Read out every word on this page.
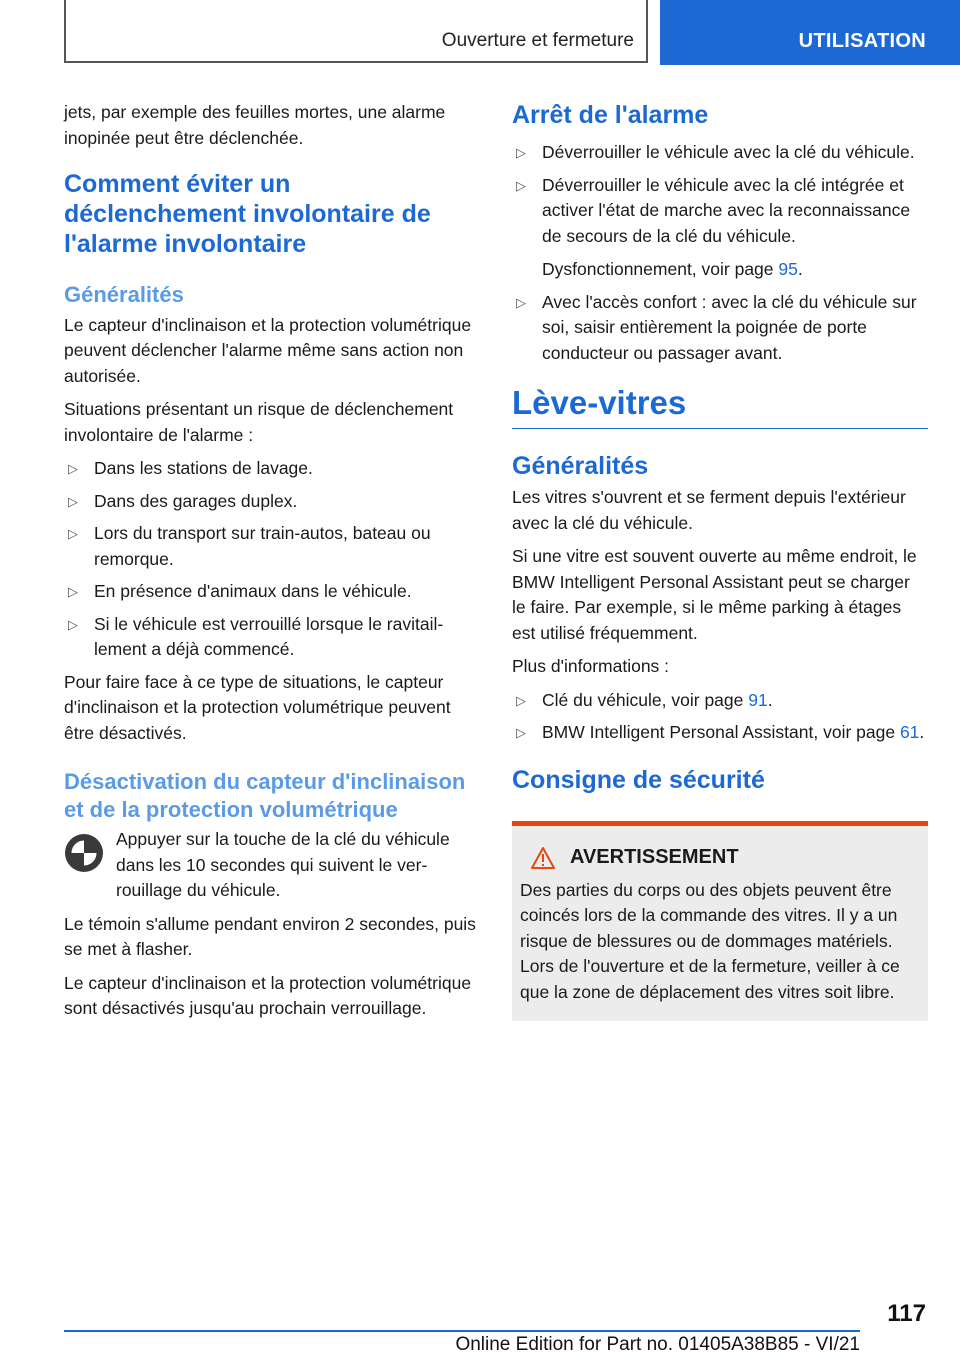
Ouverture et fermeture	UTILISATION

jets, par exemple des feuilles mortes, une alarme inopinée peut être déclenchée.

Comment éviter un déclenchement involontaire de l'alarme involontaire
Généralités

Le capteur d'inclinaison et la protection volumétrique peuvent déclencher l'alarme même sans action non autorisée.

Situations présentant un risque de déclenchement involontaire de l'alarme :

▷ Dans les stations de lavage.
▷ Dans des garages duplex.
▷ Lors du transport sur train-autos, bateau ou remorque.
▷ En présence d'animaux dans le véhicule.
▷ Si le véhicule est verrouillé lorsque le ravitaillement a déjà commencé.

Pour faire face à ce type de situations, le capteur d'inclinaison et la protection volumétrique peuvent être désactivés.

Désactivation du capteur d'inclinaison et de la protection volumétrique

Appuyer sur la touche de la clé du véhicule dans les 10 secondes qui suivent le verrouillage du véhicule.

Le témoin s'allume pendant environ 2 secondes, puis se met à flasher.

Le capteur d'inclinaison et la protection volumétrique sont désactivés jusqu'au prochain verrouillage.

Arrêt de l'alarme
▷ Déverrouiller le véhicule avec la clé du véhicule.
▷ Déverrouiller le véhicule avec la clé intégrée et activer l'état de marche avec la reconnaissance de secours de la clé du véhicule.
Dysfonctionnement, voir page 95.
▷ Avec l'accès confort : avec la clé du véhicule sur soi, saisir entièrement la poignée de porte conducteur ou passager avant.
Lève-vitres
Généralités

Les vitres s'ouvrent et se ferment depuis l'extérieur avec la clé du véhicule.

Si une vitre est souvent ouverte au même endroit, le BMW Intelligent Personal Assistant peut se charger le faire. Par exemple, si le même parking à étages est utilisé fréquemment.

Plus d'informations :

▷ Clé du véhicule, voir page 91.
▷ BMW Intelligent Personal Assistant, voir page 61.
Consigne de sécurité
AVERTISSEMENT

Des parties du corps ou des objets peuvent être coincés lors de la commande des vitres. Il y a un risque de blessures ou de dommages matériels. Lors de l'ouverture et de la fermeture, veiller à ce que la zone de déplacement des vitres soit libre.

117
Online Edition for Part no. 01405A38B85 - VI/21
